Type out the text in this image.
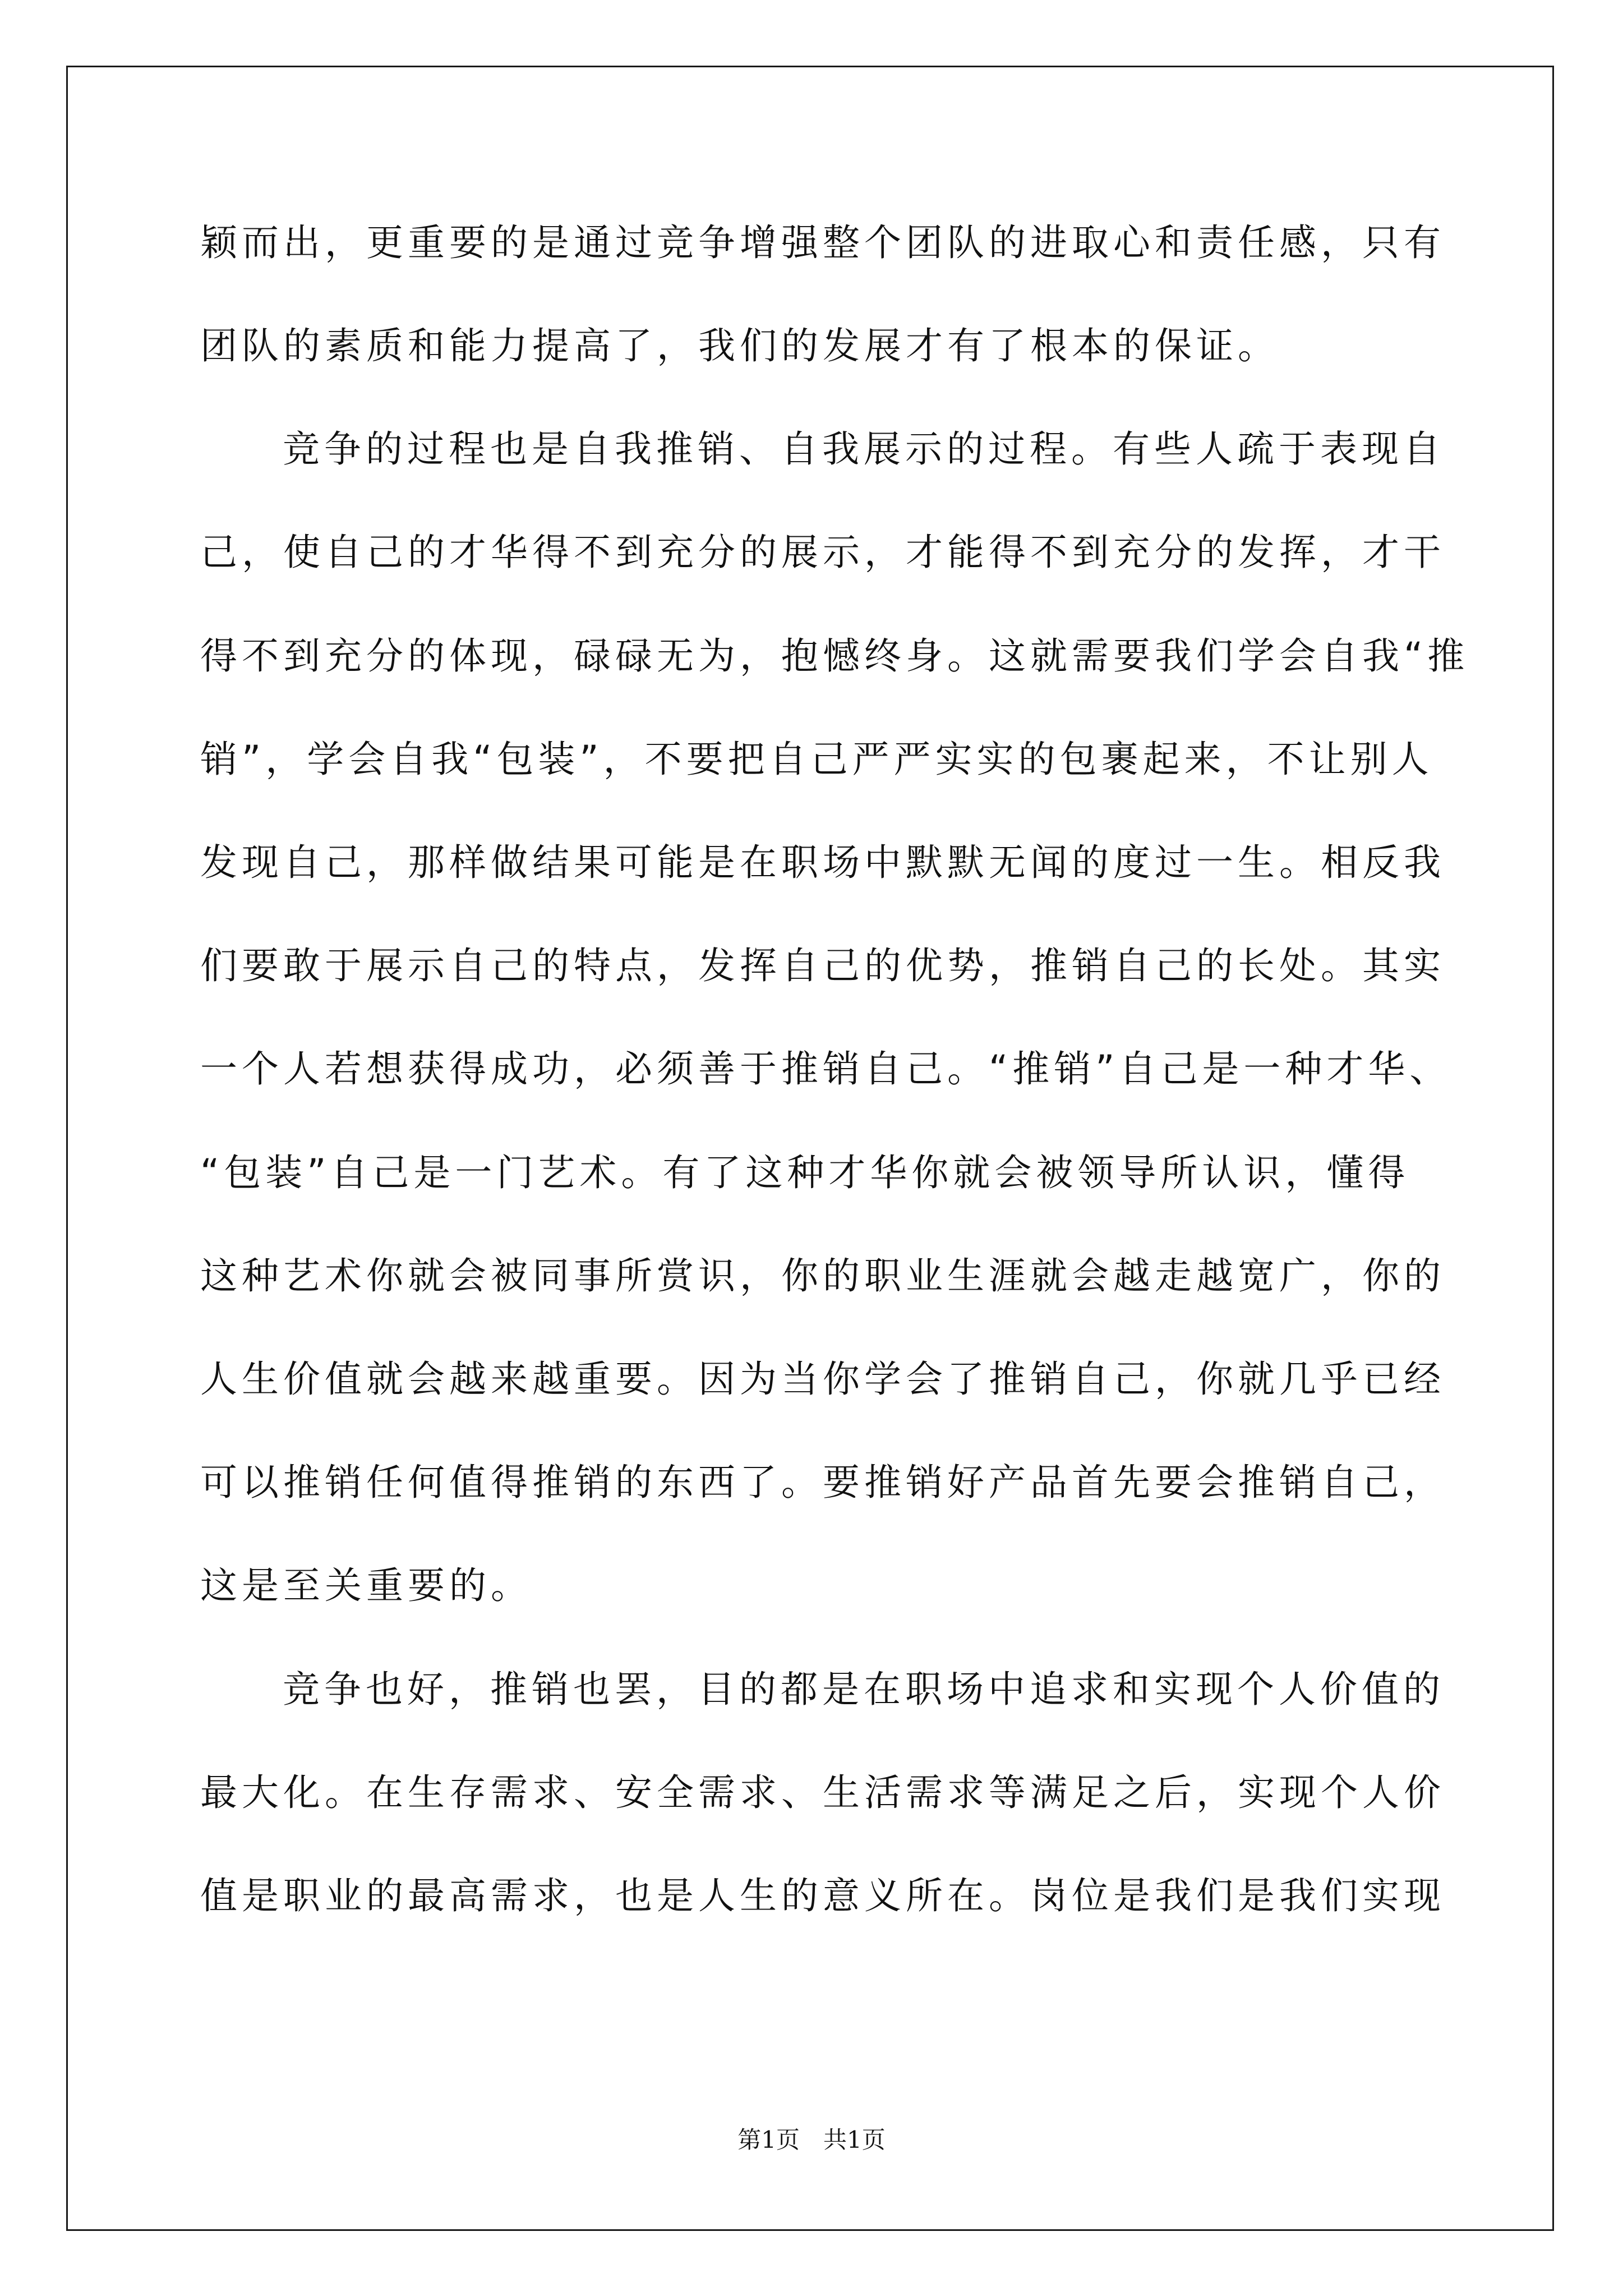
颖而出，更重要的是通过竞争增强整个团队的进取心和责任感，只有
团队的素质和能力提高了，我们的发展才有了根本的保证。
竞争的过程也是自我推销、自我展示的过程。有些人疏于表现自
己，使自己的才华得不到充分的展示，才能得不到充分的发挥，才干
得不到充分的体现，碌碌无为，抱憾终身。这就需要我们学会自我“推
销”，学会自我“包装”，不要把自己严严实实的包裹起来，不让别人
发现自己，那样做结果可能是在职场中默默无闻的度过一生。相反我
们要敢于展示自己的特点，发挥自己的优势，推销自己的长处。其实
一个人若想获得成功，必须善于推销自己。“推销”自己是一种才华、
“包装”自己是一门艺术。有了这种才华你就会被领导所认识，懂得
这种艺术你就会被同事所赏识，你的职业生涯就会越走越宽广，你的
人生价值就会越来越重要。因为当你学会了推销自己，你就几乎已经
可以推销任何值得推销的东西了。要推销好产品首先要会推销自己，
这是至关重要的。
竞争也好，推销也罢，目的都是在职场中追求和实现个人价值的
最大化。在生存需求、安全需求、生活需求等满足之后，实现个人价
值是职业的最高需求，也是人生的意义所在。岗位是我们是我们实现
第1页　共1页
